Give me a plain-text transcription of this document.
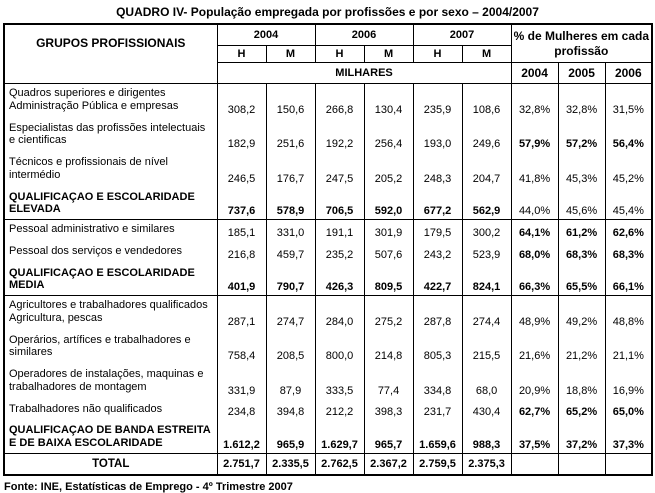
QUADRO IV- População empregada por profissões e por sexo – 2004/2007
GRUPOS PROFISSIONAIS	2004		2006		2007		% de Mulheres em cada profissão		
	H	M	H	M	H	M			
	MILHARES						2004	2005	2006
Quadros superiores e dirigentes Administração Pública e empresas	308,2	150,6	266,8	130,4	235,9	108,6	32,8%	32,8%	31,5%
Especialistas das profissões intelectuais e cientificas	182,9	251,6	192,2	256,4	193,0	249,6	57,9%	57,2%	56,4%
Técnicos e profissionais de nível intermédio	246,5	176,7	247,5	205,2	248,3	204,7	41,8%	45,3%	45,2%
QUALIFICAÇAO E ESCOLARIDADE ELEVADA	737,6	578,9	706,5	592,0	677,2	562,9	44,0%	45,6%	45,4%
Pessoal administrativo e similares	185,1	331,0	191,1	301,9	179,5	300,2	64,1%	61,2%	62,6%
Pessoal dos serviços e vendedores	216,8	459,7	235,2	507,6	243,2	523,9	68,0%	68,3%	68,3%
QUALIFICAÇAO E ESCOLARIDADE MEDIA	401,9	790,7	426,3	809,5	422,7	824,1	66,3%	65,5%	66,1%
Agricultores e trabalhadores qualificados Agricultura, pescas	287,1	274,7	284,0	275,2	287,8	274,4	48,9%	49,2%	48,8%
Operários, artífices e trabalhadores e similares	758,4	208,5	800,0	214,8	805,3	215,5	21,6%	21,2%	21,1%
Operadores de instalações, maquinas e trabalhadores de montagem	331,9	87,9	333,5	77,4	334,8	68,0	20,9%	18,8%	16,9%
Trabalhadores não qualificados	234,8	394,8	212,2	398,3	231,7	430,4	62,7%	65,2%	65,0%
QUALIFICAÇAO DE BANDA ESTREITA E DE BAIXA ESCOLARIDADE	1.612,2	965,9	1.629,7	965,7	1.659,6	988,3	37,5%	37,2%	37,3%
TOTAL	2.751,7	2.335,5	2.762,5	2.367,2	2.759,5	2.375,3			
Fonte: INE, Estatísticas de Emprego - 4º Trimestre 2007
